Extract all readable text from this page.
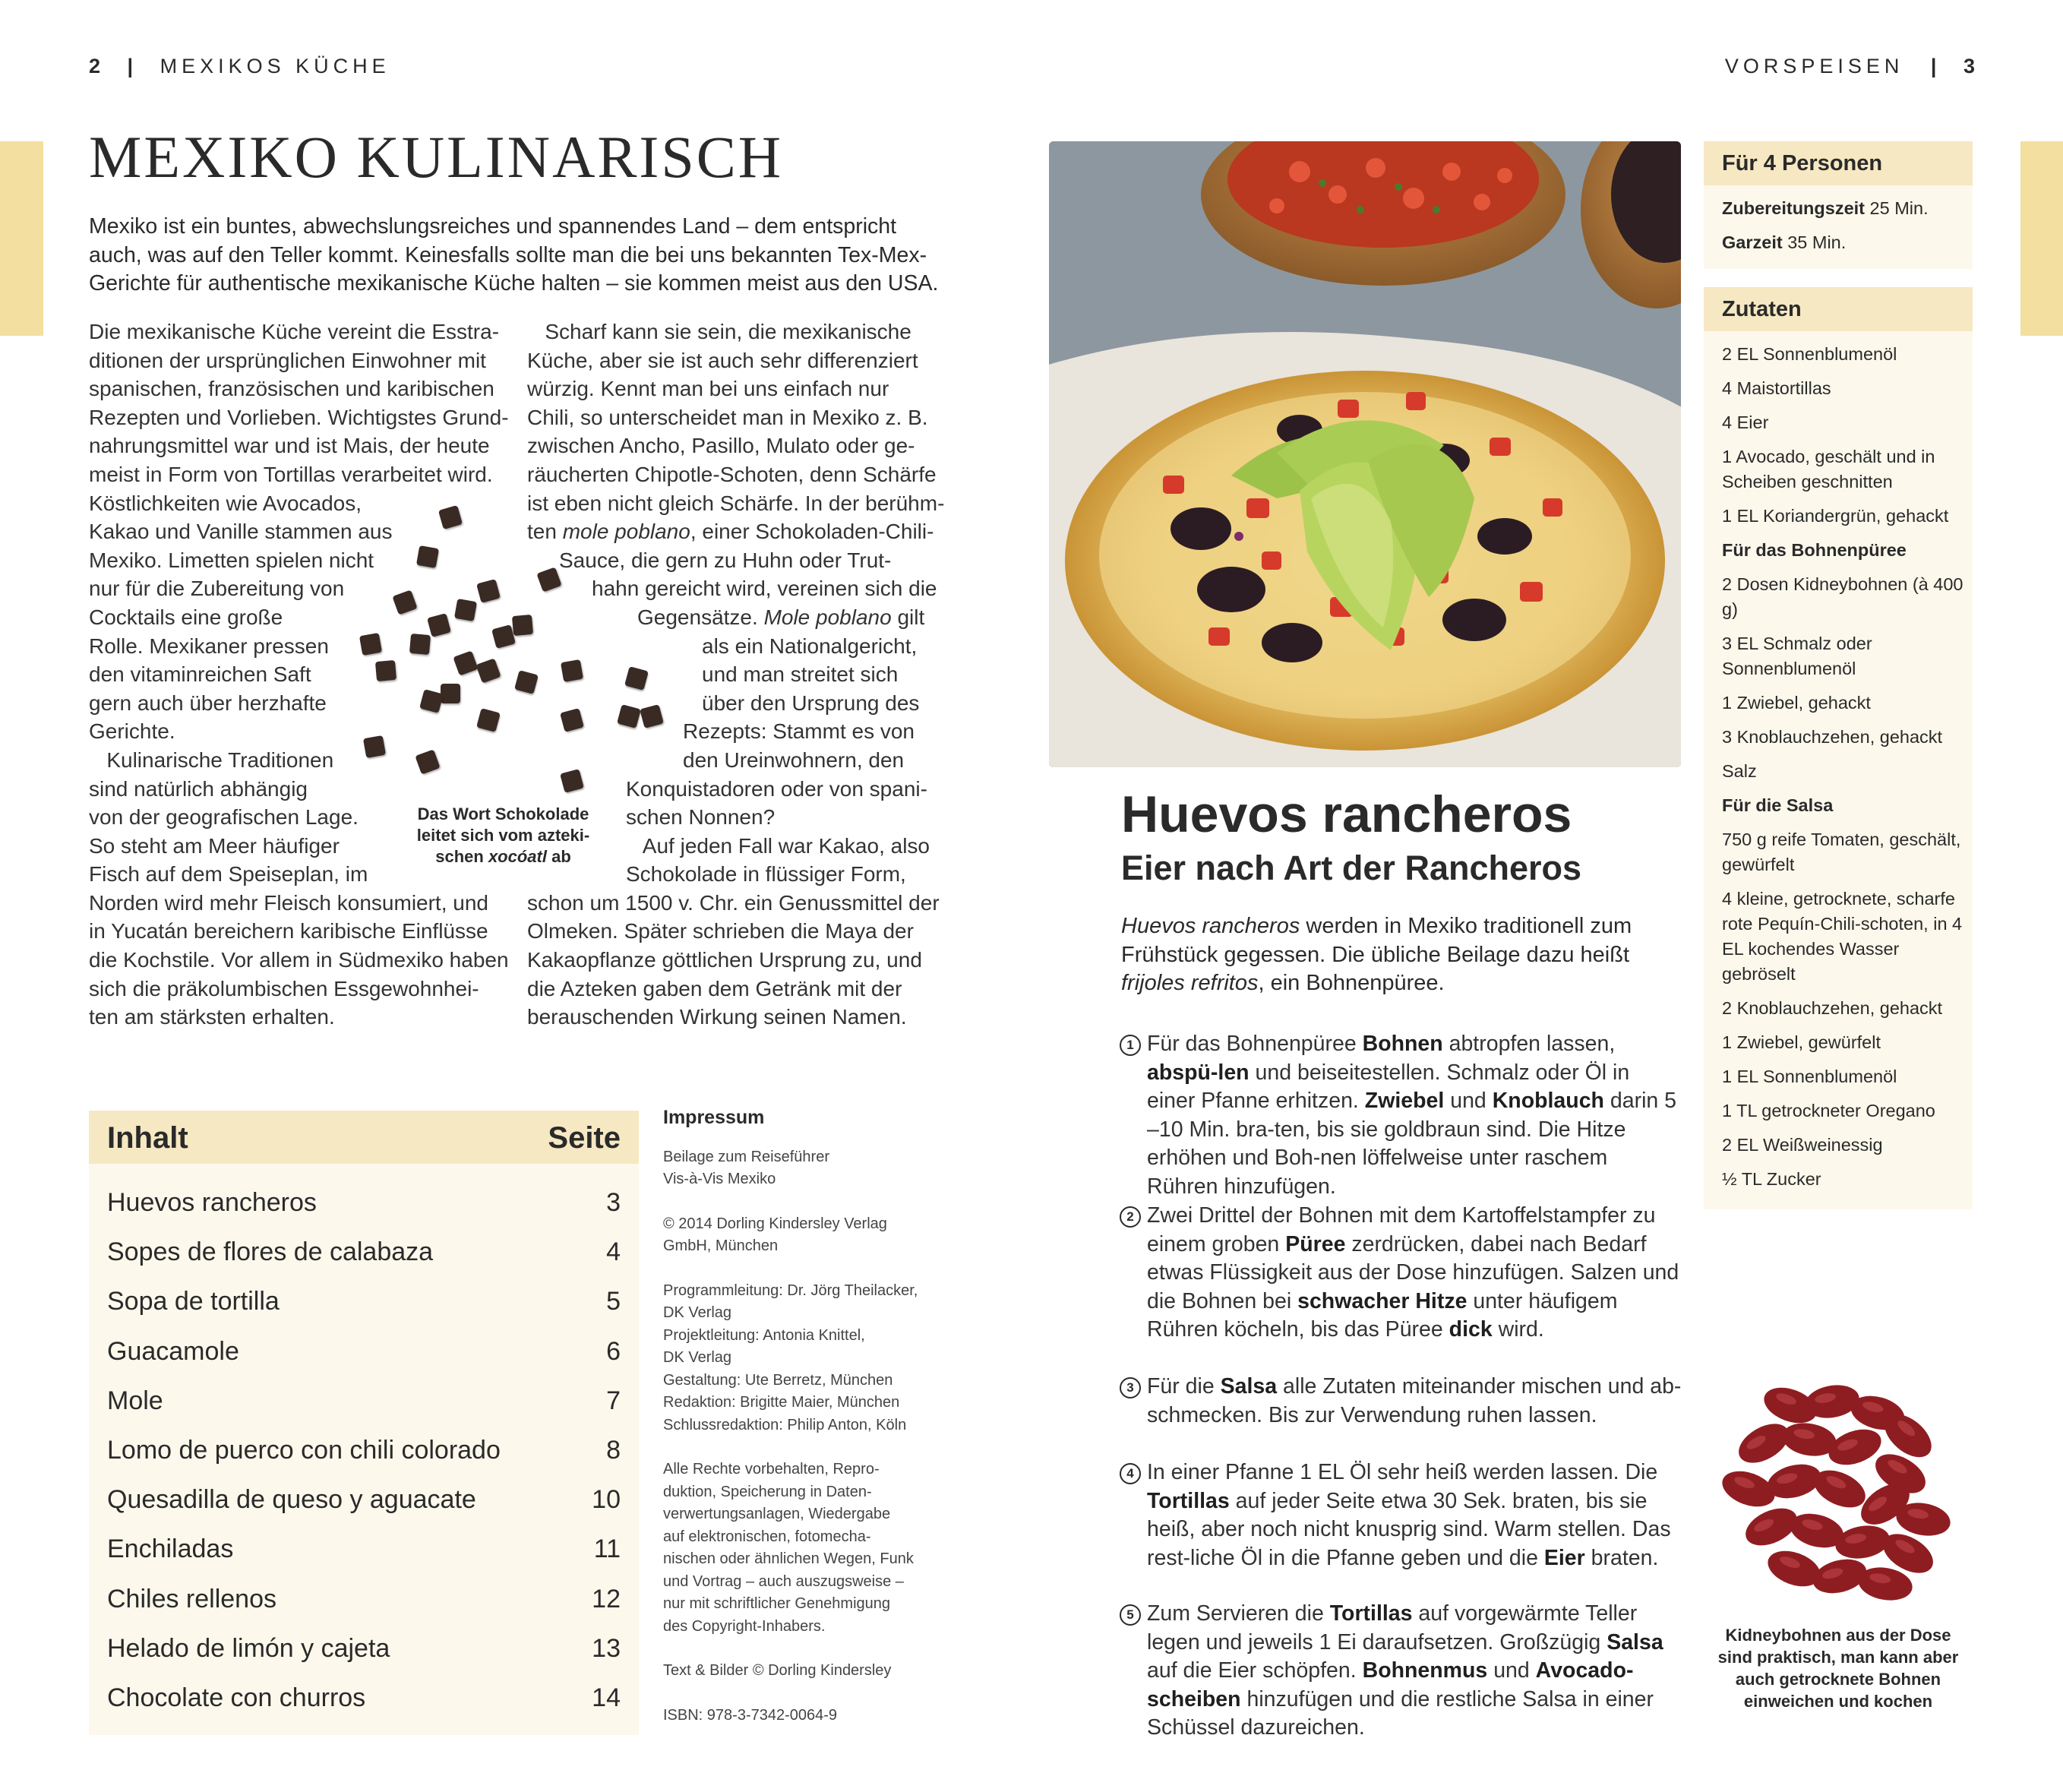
2 | MEXIKOS KÜCHE	VORSPEISEN | 3
MEXIKO KULINARISCH
Mexiko ist ein buntes, abwechslungsreiches und spannendes Land – dem entspricht auch, was auf den Teller kommt. Keinesfalls sollte man die bei uns bekannten Tex-Mex-Gerichte für authentische mexikanische Küche halten – sie kommen meist aus den USA.

Die mexikanische Küche vereint die Esstra-

ditionen der ursprünglichen Einwohner mit

spanischen, französischen und karibischen

Rezepten und Vorlieben. Wichtigstes Grund-

nahrungsmittel war und ist Mais, der heute

meist in Form von Tortillas verarbeitet wird.

Köstlichkeiten wie Avocados,

Kakao und Vanille stammen aus

Mexiko. Limetten spielen nicht

nur für die Zubereitung von

Cocktails eine große

Rolle. Mexikaner pressen

den vitaminreichen Saft

gern auch über herzhafte

Gerichte.

Kulinarische Traditionen

sind natürlich abhängig

von der geografischen Lage.

So steht am Meer häufiger

Fisch auf dem Speiseplan, im

Norden wird mehr Fleisch konsumiert, und

in Yucatán bereichern karibische Einflüsse

die Kochstile. Vor allem in Südmexiko haben

sich die präkolumbischen Essgewohnhei-

ten am stärksten erhalten.

Scharf kann sie sein, die mexikanische

Küche, aber sie ist auch sehr differenziert

würzig. Kennt man bei uns einfach nur

Chili, so unterscheidet man in Mexiko z. B.

zwischen Ancho, Pasillo, Mulato oder ge-

räucherten Chipotle-Schoten, denn Schärfe

ist eben nicht gleich Schärfe. In der berühm-

ten mole poblano, einer Schokoladen-Chili-

Sauce, die gern zu Huhn oder Trut-

hahn gereicht wird, vereinen sich die

Gegensätze. Mole poblano gilt

als ein Nationalgericht,

und man streitet sich

über den Ursprung des

Rezepts: Stammt es von

den Ureinwohnern, den

Konquistadoren oder von spani-

schen Nonnen?

Auf jeden Fall war Kakao, also

Schokolade in flüssiger Form,

schon um 1500 v. Chr. ein Genussmittel der

Olmeken. Später schrieben die Maya der

Kakaopflanze göttlichen Ursprung zu, und

die Azteken gaben dem Getränk mit der

berauschenden Wirkung seinen Namen.

Das Wort Schokolade
leitet sich vom azteki-
schen xocóatl ab
Inhalt	Seite
Huevos rancheros	3
Sopes de flores de calabaza	4
Sopa de tortilla	5
Guacamole	6
Mole	7
Lomo de puerco con chili colorado	8
Quesadilla de queso y aguacate	10
Enchiladas	11
Chiles rellenos	12
Helado de limón y cajeta	13
Chocolate con churros	14
Impressum

Beilage zum Reiseführer
Vis-à-Vis Mexiko

© 2014 Dorling Kindersley Verlag
GmbH, München

Programmleitung: Dr. Jörg Theilacker,
DK Verlag
Projektleitung: Antonia Knittel,
DK Verlag
Gestaltung: Ute Berretz, München
Redaktion: Brigitte Maier, München
Schlussredaktion: Philip Anton, Köln

Alle Rechte vorbehalten, Repro-
duktion, Speicherung in Daten-
verwertungsanlagen, Wiedergabe
auf elektronischen, fotomecha-
nischen oder ähnlichen Wegen, Funk
und Vortrag – auch auszugsweise –
nur mit schriftlicher Genehmigung
des Copyright-Inhabers.

Text & Bilder © Dorling Kindersley

ISBN: 978-3-7342-0064-9

Huevos rancheros
Eier nach Art der Rancheros
Huevos rancheros werden in Mexiko traditionell zum Frühstück gegessen. Die übliche Beilage dazu heißt frijoles refritos, ein Bohnenpüree.
1 Für das Bohnenpüree Bohnen abtropfen lassen, abspü-len und beiseitestellen. Schmalz oder Öl in einer Pfanne erhitzen. Zwiebel und Knoblauch darin 5 –10 Min. bra-ten, bis sie goldbraun sind. Die Hitze erhöhen und Boh-nen löffelweise unter raschem Rühren hinzufügen.
2 Zwei Drittel der Bohnen mit dem Kartoffelstampfer zu einem groben Püree zerdrücken, dabei nach Bedarf etwas Flüssigkeit aus der Dose hinzufügen. Salzen und die Bohnen bei schwacher Hitze unter häufigem Rühren köcheln, bis das Püree dick wird.
3 Für die Salsa alle Zutaten miteinander mischen und ab-schmecken. Bis zur Verwendung ruhen lassen.
4 In einer Pfanne 1 EL Öl sehr heiß werden lassen. Die Tortillas auf jeder Seite etwa 30 Sek. braten, bis sie heiß, aber noch nicht knusprig sind. Warm stellen. Das rest-liche Öl in die Pfanne geben und die Eier braten.
5 Zum Servieren die Tortillas auf vorgewärmte Teller legen und jeweils 1 Ei daraufsetzen. Großzügig Salsa auf die Eier schöpfen. Bohnenmus und Avocado-scheiben hinzufügen und die restliche Salsa in einer Schüssel dazureichen.
Für 4 Personen
Zubereitungszeit 25 Min.
Garzeit 35 Min.
Zutaten
2 EL Sonnenblumenöl
4 Maistortillas
4 Eier
1 Avocado, geschält und in Scheiben geschnitten
1 EL Koriandergrün, gehackt
Für das Bohnenpüree
2 Dosen Kidneybohnen (à 400 g)
3 EL Schmalz oder Sonnenblumenöl
1 Zwiebel, gehackt
3 Knoblauchzehen, gehackt
Salz
Für die Salsa
750 g reife Tomaten, geschält, gewürfelt
4 kleine, getrocknete, scharfe rote Pequín-Chili-schoten, in 4 EL kochendes Wasser gebröselt
2 Knoblauchzehen, gehackt
1 Zwiebel, gewürfelt
1 EL Sonnenblumenöl
1 TL getrockneter Oregano
2 EL Weißweinessig
½ TL Zucker
Kidneybohnen aus der Dose
sind praktisch, man kann aber
auch getrocknete Bohnen
einweichen und kochen
